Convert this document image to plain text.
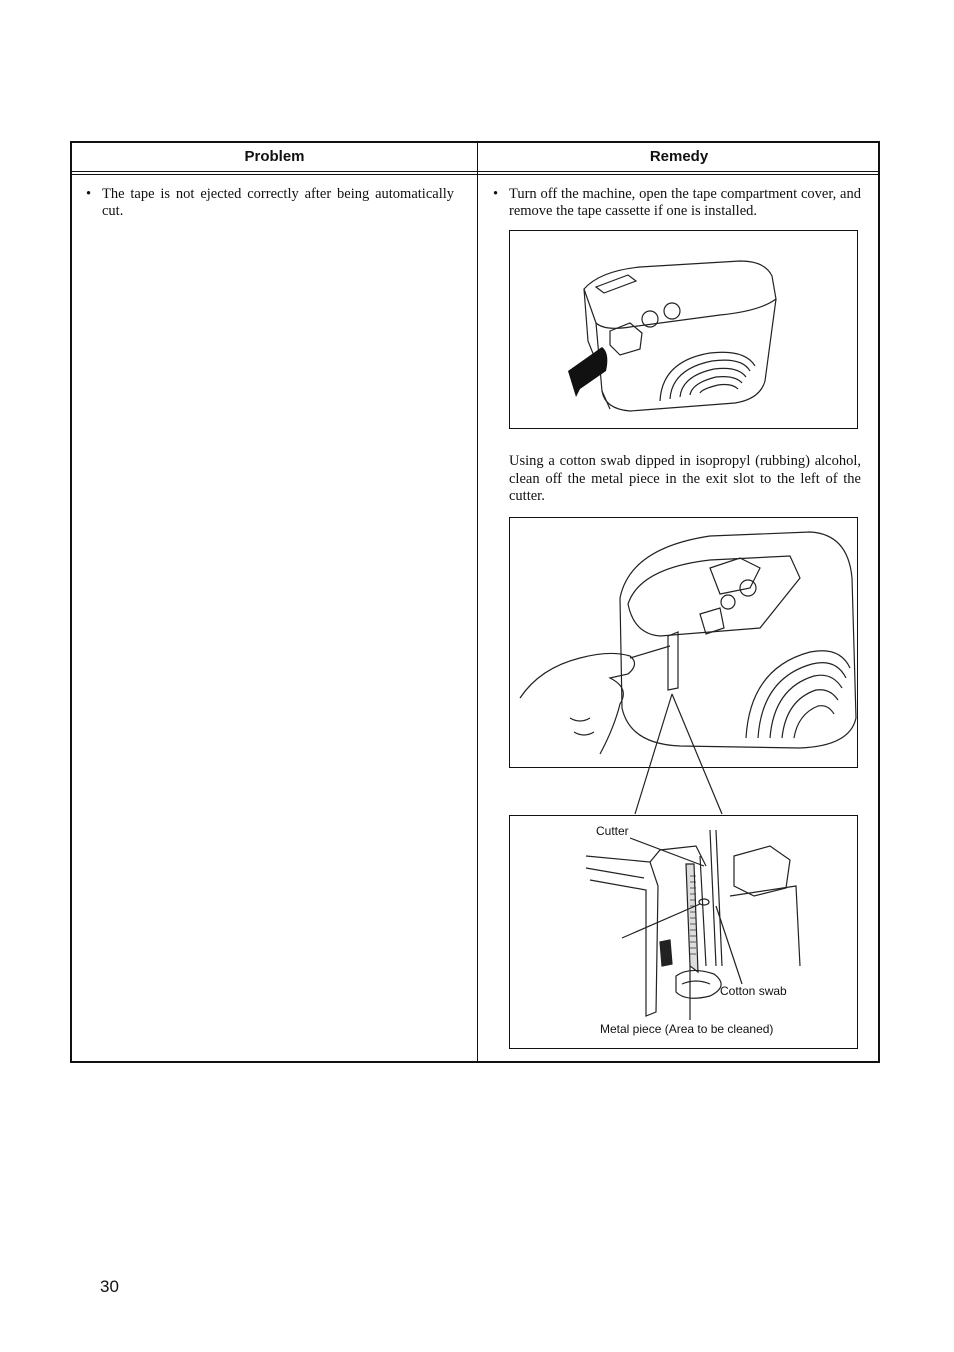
Problem	Remedy
• The tape is not ejected correctly after being automatically cut.
• Turn off the machine, open the tape compartment cover, and remove the tape cassette if one is installed.
Using a cotton swab dipped in isopropyl (rubbing) alcohol, clean off the metal piece in the exit slot to the left of the cutter.
Cutter
Cotton swab
Metal piece (Area to be cleaned)
30
